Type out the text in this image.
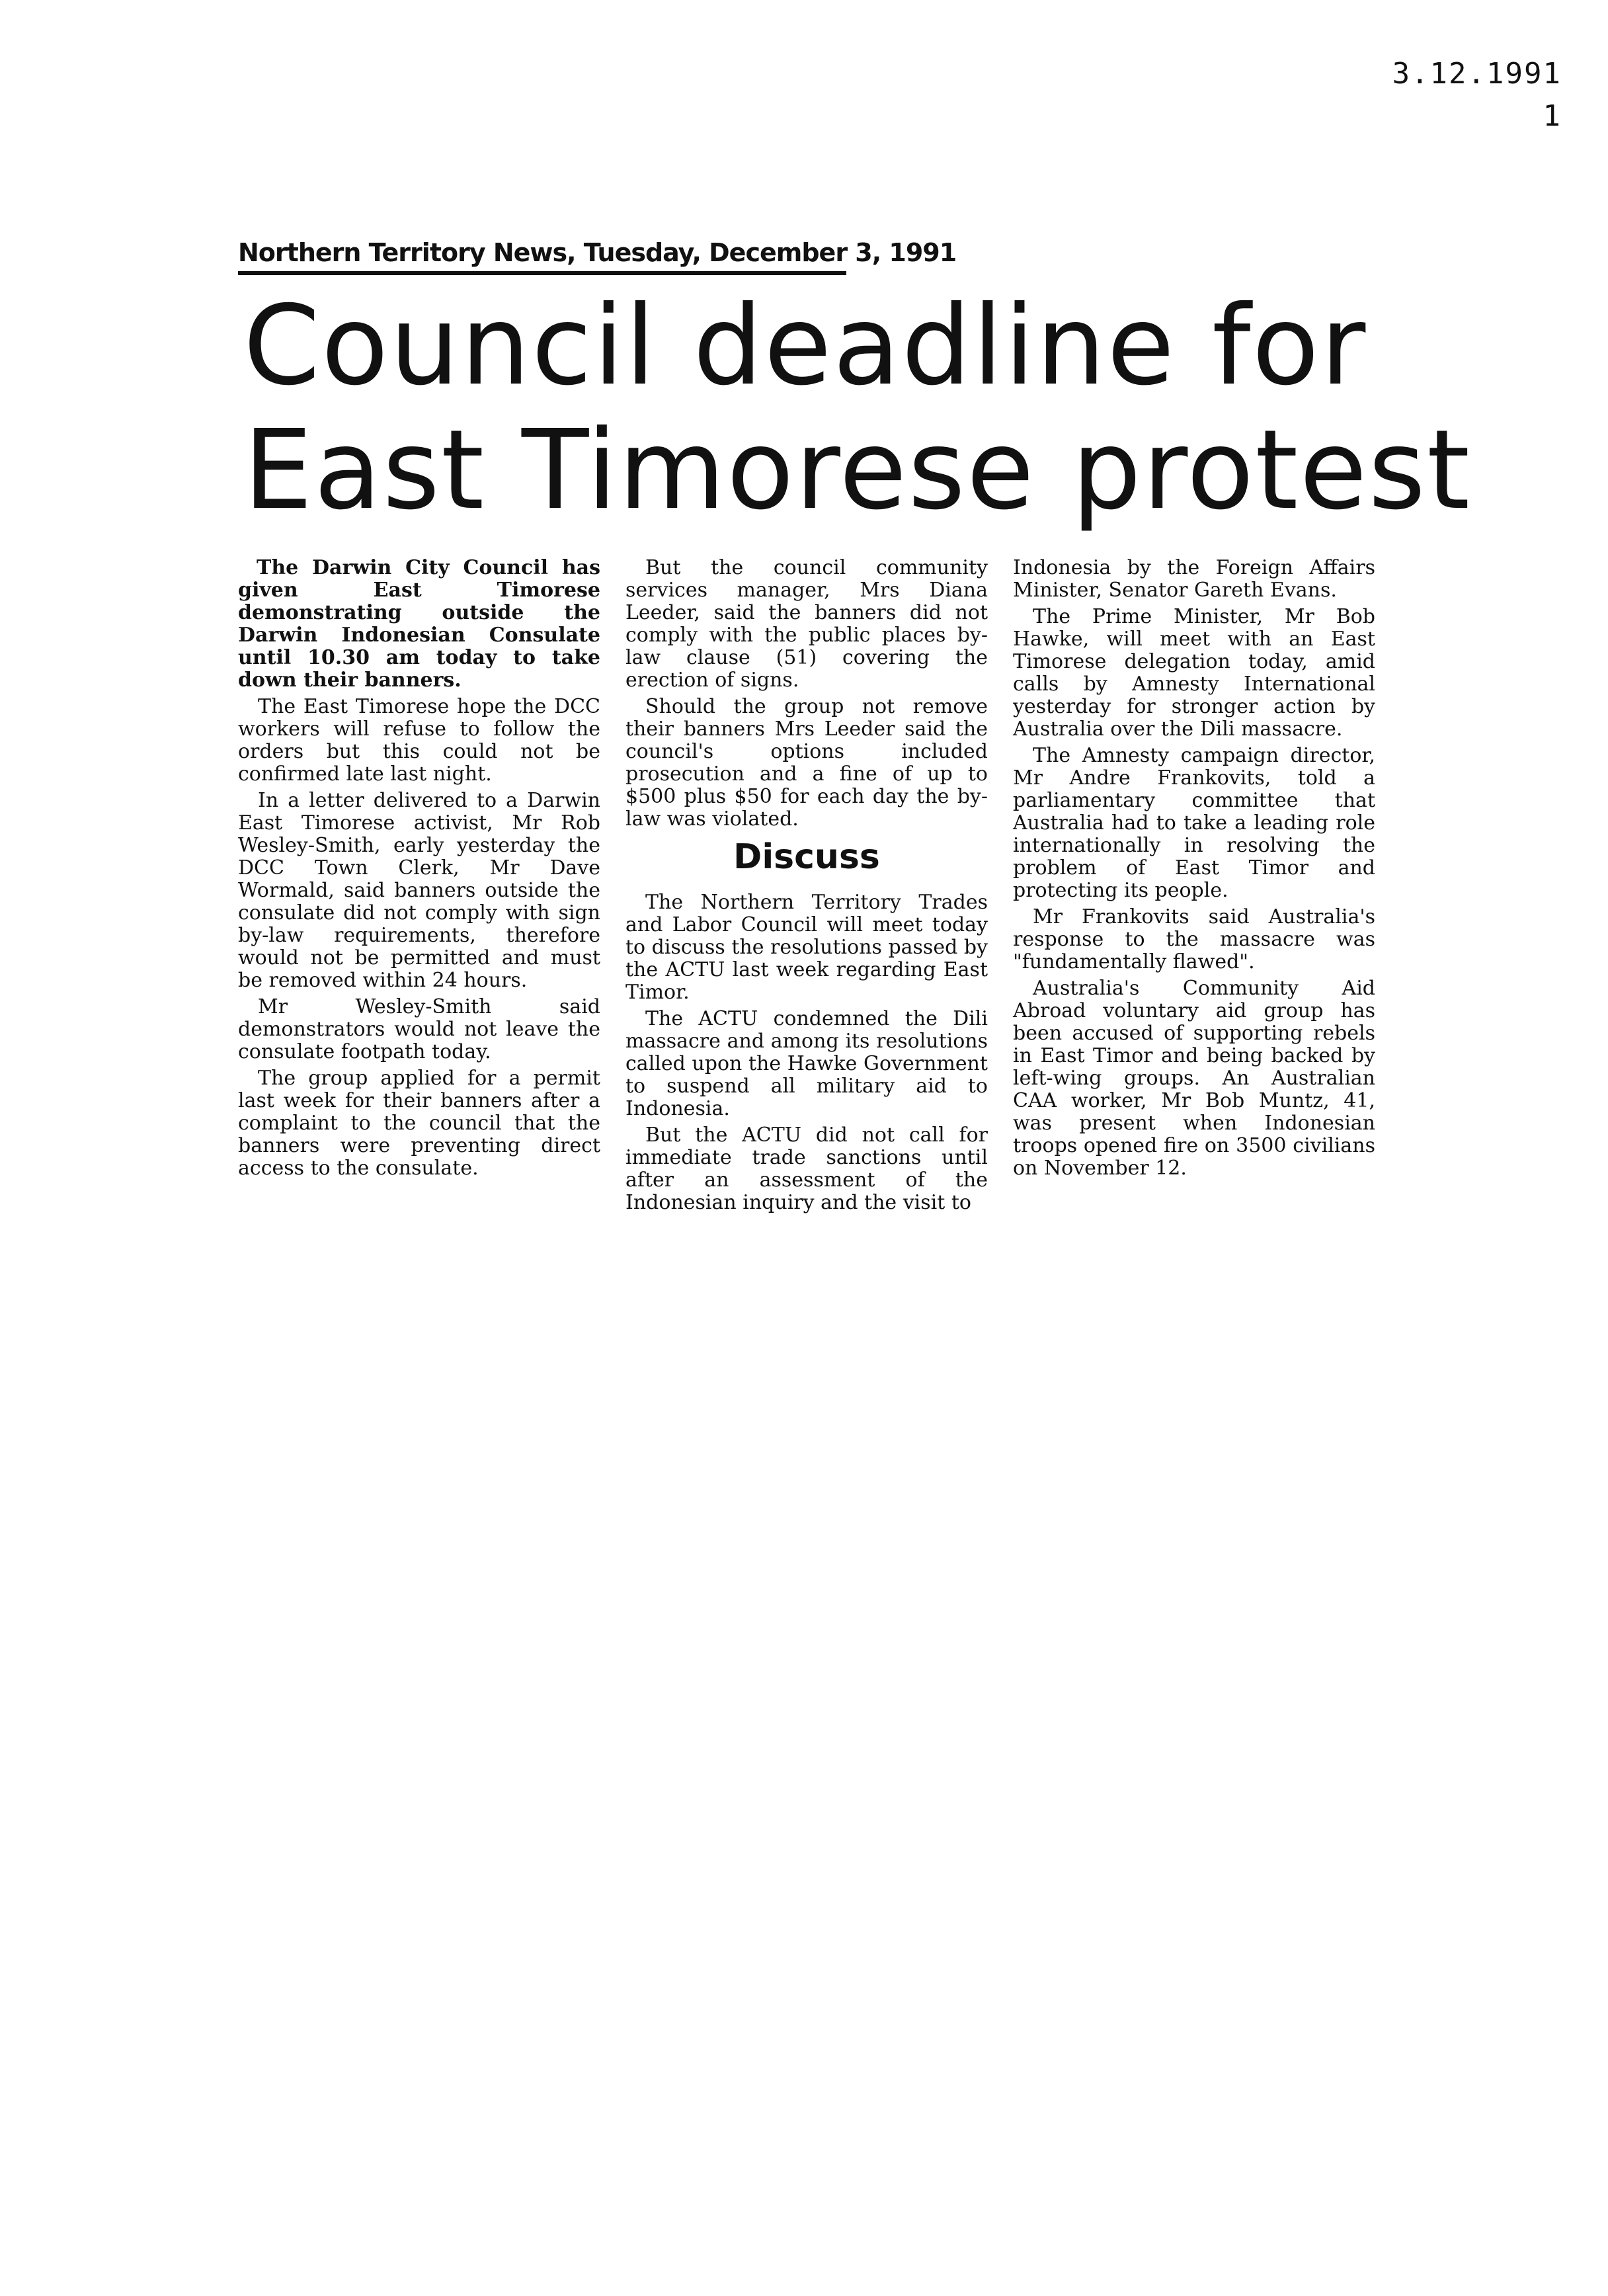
3.12.1991
1
Northern Territory News, Tuesday, December 3, 1991
Council deadline for
East Timorese protest

The Darwin City Council has given East Timorese demonstrating outside the Darwin Indonesian Consulate until 10.30 am today to take down their banners.

The East Timorese hope the DCC workers will refuse to follow the orders but this could not be confirmed late last night.

In a letter delivered to a Darwin East Timorese activist, Mr Rob Wesley-Smith, early yesterday the DCC Town Clerk, Mr Dave Wormald, said banners outside the consulate did not comply with sign by-law requirements, therefore would not be permitted and must be removed within 24 hours.

Mr Wesley-Smith said demonstrators would not leave the consulate footpath today.

The group applied for a permit last week for their banners after a complaint to the council that the banners were preventing direct access to the consulate.

But the council community services manager, Mrs Diana Leeder, said the banners did not comply with the public places by-law clause (51) covering the erection of signs.

Should the group not remove their banners Mrs Leeder said the council's options included prosecution and a fine of up to $500 plus $50 for each day the by-law was violated.

Discuss

The Northern Territory Trades and Labor Council will meet today to discuss the resolutions passed by the ACTU last week regarding East Timor.

The ACTU condemned the Dili massacre and among its resolutions called upon the Hawke Government to suspend all military aid to Indonesia.

But the ACTU did not call for immediate trade sanctions until after an assessment of the Indonesian inquiry and the visit to

Indonesia by the Foreign Affairs Minister, Senator Gareth Evans.

The Prime Minister, Mr Bob Hawke, will meet with an East Timorese delegation today, amid calls by Amnesty International yesterday for stronger action by Australia over the Dili massacre.

The Amnesty campaign director, Mr Andre Frankovits, told a parliamentary committee that Australia had to take a leading role internationally in resolving the problem of East Timor and protecting its people.

Mr Frankovits said Australia's response to the massacre was "fundamentally flawed".

Australia's Community Aid Abroad voluntary aid group has been accused of supporting rebels in East Timor and being backed by left-wing groups. An Australian CAA worker, Mr Bob Muntz, 41, was present when Indonesian troops opened fire on 3500 civilians on November 12.
